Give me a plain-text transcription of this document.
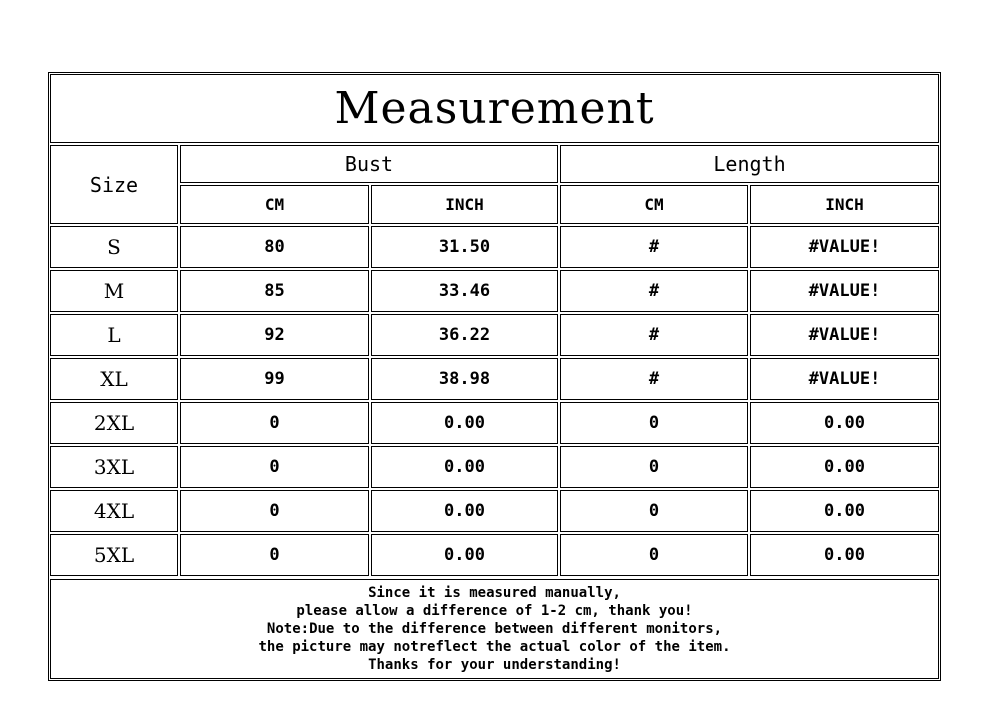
Measurement
Size
Bust	Length
CM	INCH	CM	INCH
S	80	31.50	#	#VALUE!
M	85	33.46	#	#VALUE!
L	92	36.22	#	#VALUE!
XL	99	38.98	#	#VALUE!
2XL	0	0.00	0	0.00
3XL	0	0.00	0	0.00
4XL	0	0.00	0	0.00
5XL	0	0.00	0	0.00
Since it is measured manually,
please allow a difference of 1-2 cm, thank you!
Note:Due to the difference between different monitors,
the picture may notreflect the actual color of the item.
Thanks for your understanding!
